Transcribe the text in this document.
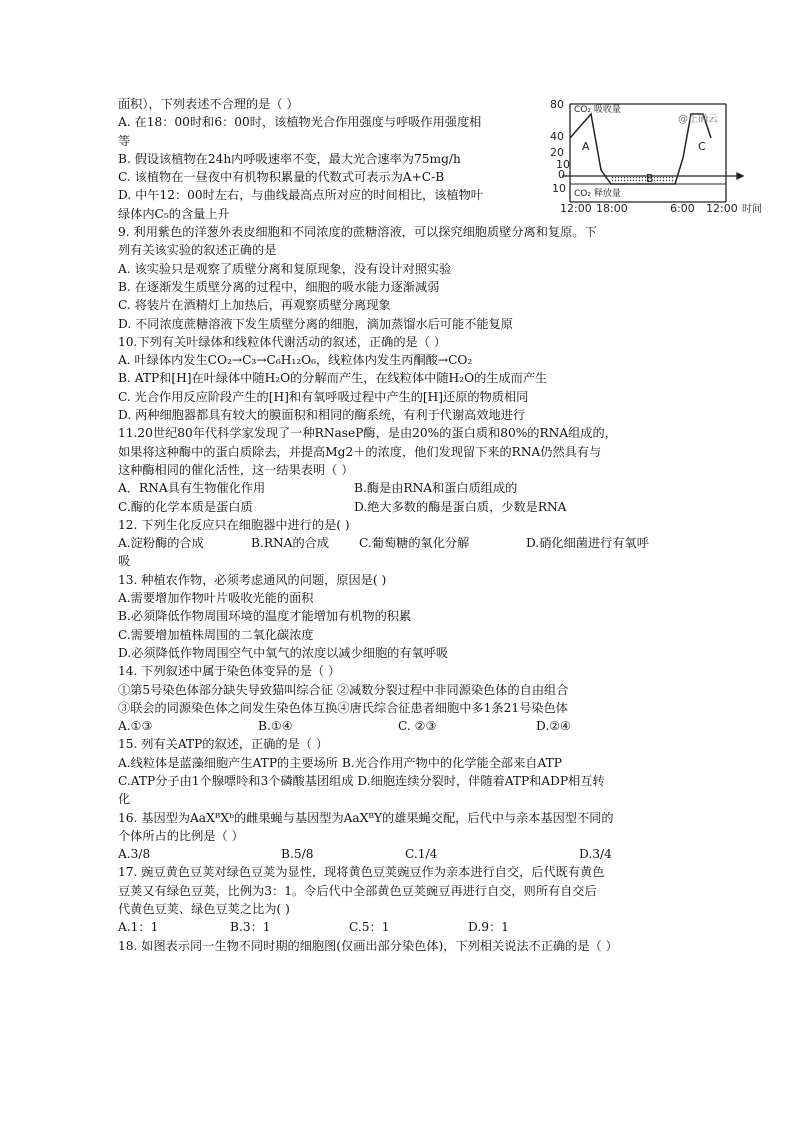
面积），下列表述不合理的是（ ）
A. 在18：00时和6：00时，该植物光合作用强度与呼吸作用强度相
等
B. 假设该植物在24h内呼吸速率不变，最大光合速率为75mg/h
C. 该植物在一昼夜中有机物积累量的代数式可表示为A+C-B
D. 中午12：00时左右，与曲线最高点所对应的时间相比，该植物叶
绿体内C₅的含量上升
9. 利用紫色的洋葱外表皮细胞和不同浓度的蔗糖溶液，可以探究细胞质壁分离和复原。下
列有关该实验的叙述正确的是
A. 该实验只是观察了质壁分离和复原现象，没有设计对照实验
B. 在逐渐发生质壁分离的过程中，细胞的吸水能力逐渐减弱
C. 将装片在酒精灯上加热后，再观察质壁分离现象
D. 不同浓度蔗糖溶液下发生质壁分离的细胞，滴加蒸馏水后可能不能复原
10.下列有关叶绿体和线粒体代谢活动的叙述，正确的是（ ）
A. 叶绿体内发生CO₂→C₃→C₆H₁₂O₆，线粒体内发生丙酮酸→CO₂
B. ATP和[H]在叶绿体中随H₂O的分解而产生，在线粒体中随H₂O的生成而产生
C. 光合作用反应阶段产生的[H]和有氧呼吸过程中产生的[H]还原的物质相同
D. 两种细胞器都具有较大的膜面积和相同的酶系统，有利于代谢高效地进行
11.20世纪80年代科学家发现了一种RNaseP酶，是由20%的蛋白质和80%的RNA组成的，
如果将这种酶中的蛋白质除去，并提高Mg2＋的浓度，他们发现留下来的RNA仍然具有与
这种酶相同的催化活性，这一结果表明（ ）
A．RNA具有生物催化作用	B.酶是由RNA和蛋白质组成的
C.酶的化学本质是蛋白质	D.绝大多数的酶是蛋白质，少数是RNA
12. 下列生化反应只在细胞器中进行的是( )
A.淀粉酶的合成	B.RNA的合成	C.葡萄糖的氧化分解	D.硝化细菌进行有氧呼
吸
13. 种植农作物，必须考虑通风的问题，原因是( )
A.需要增加作物叶片吸收光能的面积
B.必须降低作物周围环境的温度才能增加有机物的积累
C.需要增加植株周围的二氧化碳浓度
D.必须降低作物周围空气中氧气的浓度以减少细胞的有氧呼吸
14. 下列叙述中属于染色体变异的是（ ）
①第5号染色体部分缺失导致猫叫综合征 ②减数分裂过程中非同源染色体的自由组合
③联会的同源染色体之间发生染色体互换④唐氏综合征患者细胞中多1条21号染色体
A.①③	B.①④	C. ②③	D.②④
15. 列有关ATP的叙述，正确的是（ ）
A.线粒体是蓝藻细胞产生ATP的主要场所 B.光合作用产物中的化学能全部来自ATP
C.ATP分子由1个腺嘌呤和3个磷酸基团组成 D.细胞连续分裂时，伴随着ATP和ADP相互转
化
16. 基因型为AaXᴮXᵇ的雌果蝇与基因型为AaXᴮY的雄果蝇交配，后代中与亲本基因型不同的
个体所占的比例是（ ）
A.3/8	B.5/8	C.1/4	D.3/4
17. 豌豆黄色豆荚对绿色豆荚为显性，现将黄色豆荚豌豆作为亲本进行自交，后代既有黄色
豆荚又有绿色豆荚，比例为3：1。令后代中全部黄色豆荚豌豆再进行自交，则所有自交后
代黄色豆荚、绿色豆荚之比为( )
A.1：1	B.3：1	C.5：1	D.9：1
18. 如图表示同一生物不同时期的细胞图(仅画出部分染色体)，下列相关说法不正确的是（ ）
80
40
20
10
0
10
A
B
C
CO₂ 吸收量
CO₂ 释放量
@正确云
12:00 18:00	6:00 12:00 时间
